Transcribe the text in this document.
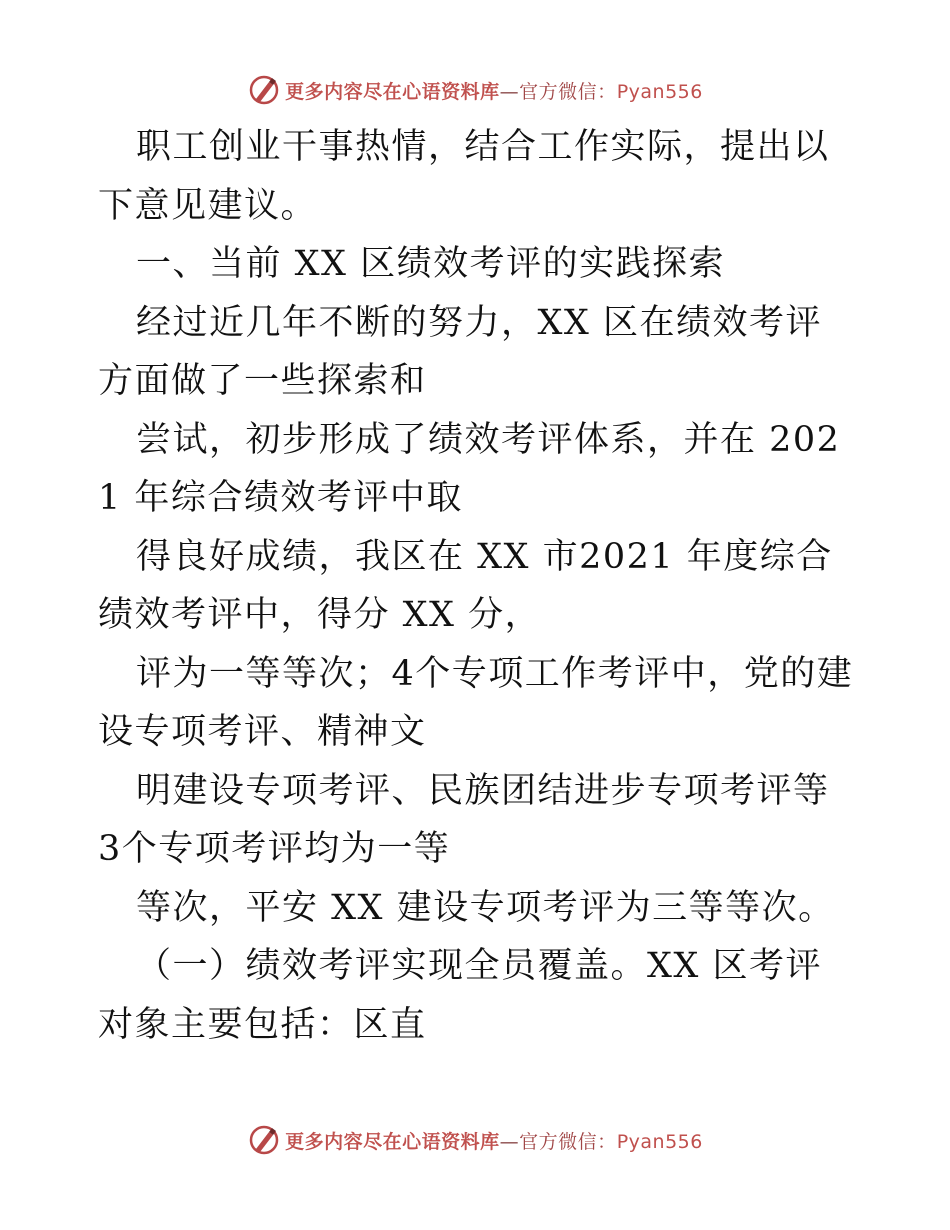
更多内容尽在心语资料库—官方微信：Pyan556

职工创业干事热情，结合工作实际，提出以下意见建议。

一、当前 XX 区绩效考评的实践探索

经过近几年不断的努力，XX 区在绩效考评方面做了一些探索和

尝试，初步形成了绩效考评体系，并在 2021 年综合绩效考评中取

得良好成绩，我区在 XX 市2021 年度综合绩效考评中，得分 XX 分，

评为一等等次；4个专项工作考评中，党的建设专项考评、精神文

明建设专项考评、民族团结进步专项考评等 3个专项考评均为一等

等次，平安 XX 建设专项考评为三等等次。

（一）绩效考评实现全员覆盖。XX 区考评对象主要包括：区直

更多内容尽在心语资料库—官方微信：Pyan556
